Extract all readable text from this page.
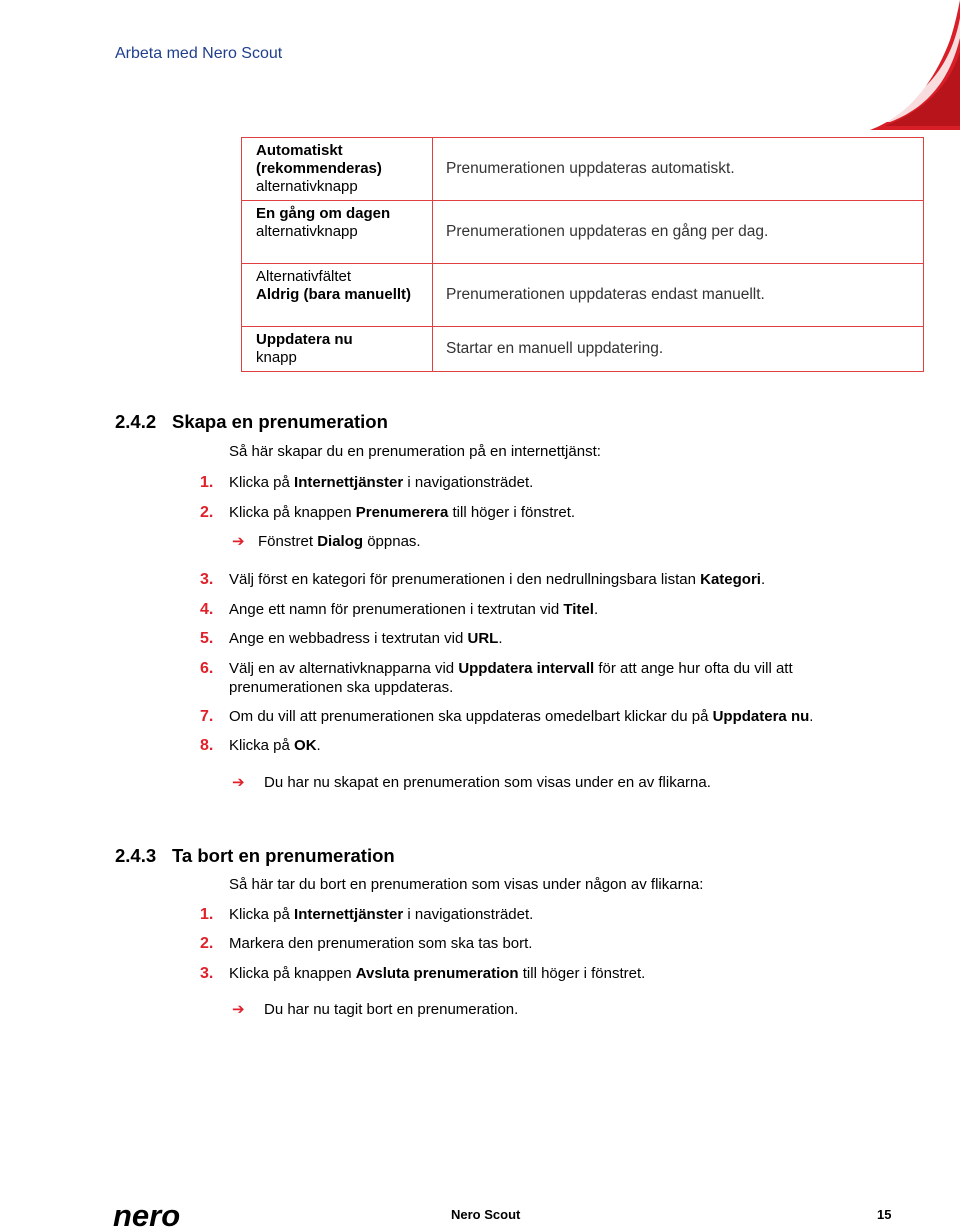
Arbeta med Nero Scout
Automatiskt (rekommenderas)
alternativknapp	Prenumerationen uppdateras automatiskt.
En gång om dagen
alternativknapp	Prenumerationen uppdateras en gång per dag.
Alternativfältet
Aldrig (bara manuellt)	Prenumerationen uppdateras endast manuellt.
Uppdatera nu
knapp	Startar en manuell uppdatering.
2.4.2 Skapa en prenumeration
Så här skapar du en prenumeration på en internettjänst:
1. Klicka på Internettjänster i navigationsträdet.
2. Klicka på knappen Prenumerera till höger i fönstret.
➔ Fönstret Dialog öppnas.
3. Välj först en kategori för prenumerationen i den nedrullningsbara listan Kategori.
4. Ange ett namn för prenumerationen i textrutan vid Titel.
5. Ange en webbadress i textrutan vid URL.
6. Välj en av alternativknapparna vid Uppdatera intervall för att ange hur ofta du vill att prenumerationen ska uppdateras.
7. Om du vill att prenumerationen ska uppdateras omedelbart klickar du på Uppdatera nu.
8. Klicka på OK.
➔ Du har nu skapat en prenumeration som visas under en av flikarna.
2.4.3 Ta bort en prenumeration
Så här tar du bort en prenumeration som visas under någon av flikarna:
1. Klicka på Internettjänster i navigationsträdet.
2. Markera den prenumeration som ska tas bort.
3. Klicka på knappen Avsluta prenumeration till höger i fönstret.
➔ Du har nu tagit bort en prenumeration.
nero	Nero Scout	15
